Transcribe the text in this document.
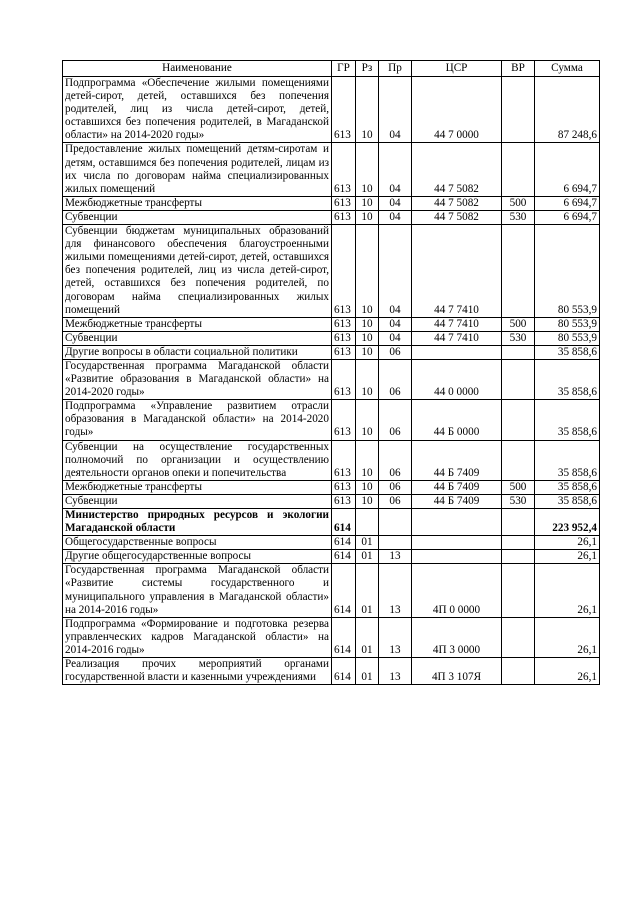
Наименование	ГР	Рз	Пр	ЦСР	ВР	Сумма
Подпрограмма «Обеспечение жилыми помещениями детей-сирот, детей, оставшихся без попечения родителей, лиц из числа детей-сирот, детей, оставшихся без попечения родителей, в Магаданской области» на 2014-2020 годы»	613	10	04	44 7 0000		87 248,6
Предоставление жилых помещений детям-сиротам и детям, оставшимся без попечения родителей, лицам из их числа по договорам найма специализированных жилых помещений	613	10	04	44 7 5082		6 694,7
Межбюджетные трансферты	613	10	04	44 7 5082	500	6 694,7
Субвенции	613	10	04	44 7 5082	530	6 694,7
Субвенции бюджетам муниципальных образований для финансового обеспечения благоустроенными жилыми помещениями детей-сирот, детей, оставшихся без попечения родителей, лиц из числа детей-сирот, детей, оставшихся без попечения родителей, по договорам найма специализированных жилых помещений	613	10	04	44 7 7410		80 553,9
Межбюджетные трансферты	613	10	04	44 7 7410	500	80 553,9
Субвенции	613	10	04	44 7 7410	530	80 553,9
Другие вопросы в области социальной политики	613	10	06			35 858,6
Государственная программа Магаданской области «Развитие образования в Магаданской области» на 2014-2020 годы»	613	10	06	44 0 0000		35 858,6
Подпрограмма «Управление развитием отрасли образования в Магаданской области» на 2014-2020 годы»	613	10	06	44 Б 0000		35 858,6
Субвенции на осуществление государственных полномочий по организации и осуществлению деятельности органов опеки и попечительства	613	10	06	44 Б 7409		35 858,6
Межбюджетные трансферты	613	10	06	44 Б 7409	500	35 858,6
Субвенции	613	10	06	44 Б 7409	530	35 858,6
Министерство природных ресурсов и экологии Магаданской области	614					223 952,4
Общегосударственные вопросы	614	01				26,1
Другие общегосударственные вопросы	614	01	13			26,1
Государственная программа Магаданской области «Развитие системы государственного и муниципального управления в Магаданской области» на 2014-2016 годы»	614	01	13	4П 0 0000		26,1
Подпрограмма «Формирование и подготовка резерва управленческих кадров Магаданской области» на 2014-2016 годы»	614	01	13	4П 3 0000		26,1
Реализация прочих мероприятий органами государственной власти и казенными учреждениями	614	01	13	4П 3 107Я		26,1
